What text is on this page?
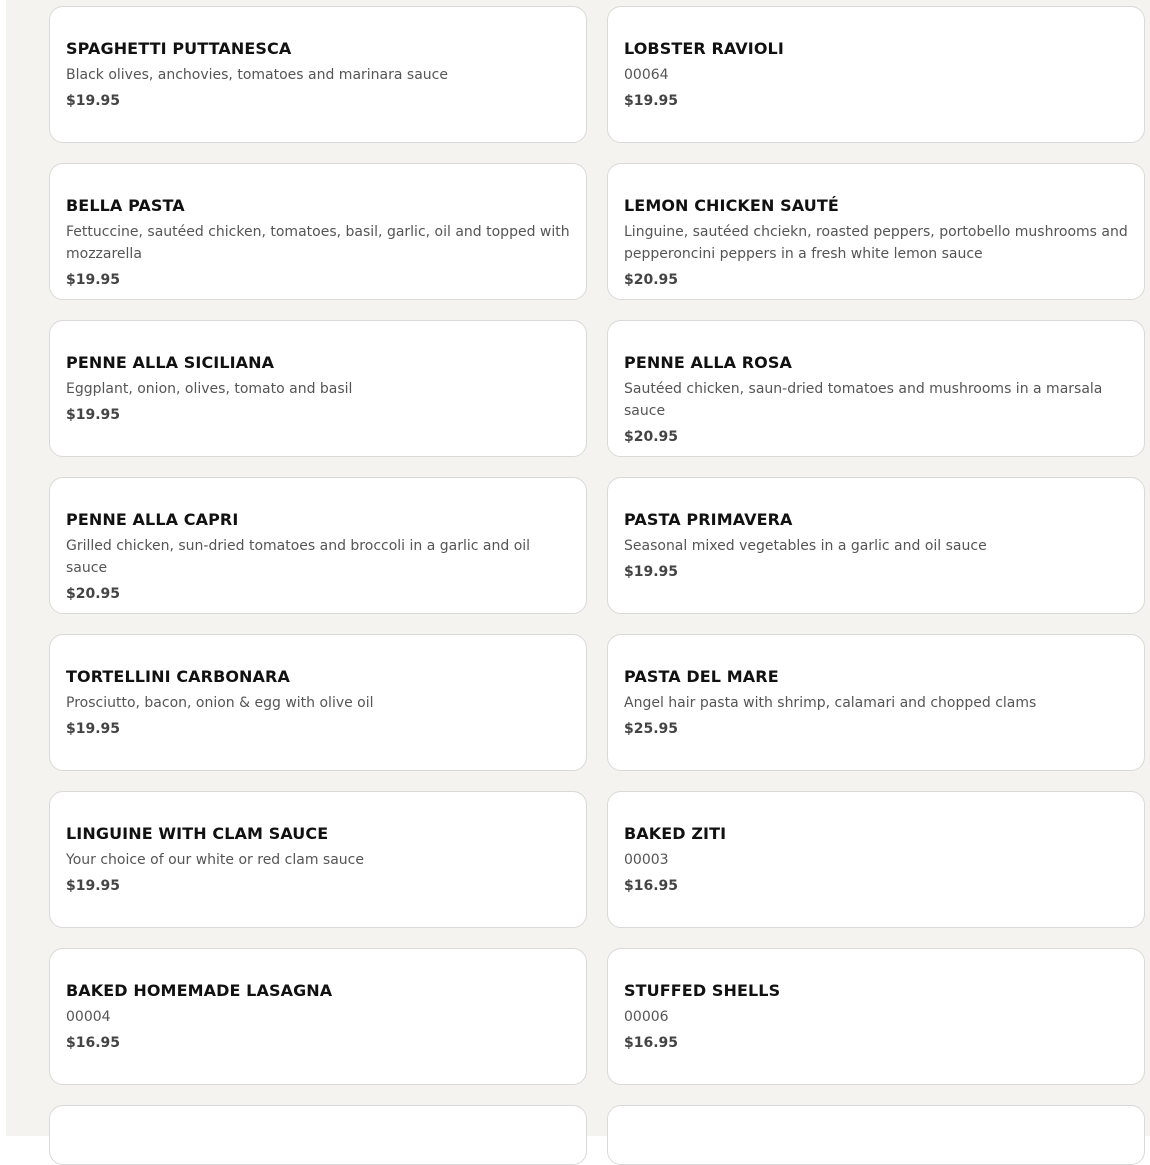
SPAGHETTI PUTTANESCA

Black olives, anchovies, tomatoes and marinara sauce

$19.95

LOBSTER RAVIOLI

00064

$19.95

BELLA PASTA

Fettuccine, sautéed chicken, tomatoes, basil, garlic, oil and topped with mozzarella

$19.95

LEMON CHICKEN SAUTÉ

Linguine, sautéed chciekn, roasted peppers, portobello mushrooms and pepperoncini peppers in a fresh white lemon sauce

$20.95

PENNE ALLA SICILIANA

Eggplant, onion, olives, tomato and basil

$19.95

PENNE ALLA ROSA

Sautéed chicken, saun-dried tomatoes and mushrooms in a marsala sauce

$20.95

PENNE ALLA CAPRI

Grilled chicken, sun-dried tomatoes and broccoli in a garlic and oil sauce

$20.95

PASTA PRIMAVERA

Seasonal mixed vegetables in a garlic and oil sauce

$19.95

TORTELLINI CARBONARA

Prosciutto, bacon, onion & egg with olive oil

$19.95

PASTA DEL MARE

Angel hair pasta with shrimp, calamari and chopped clams

$25.95

LINGUINE WITH CLAM SAUCE

Your choice of our white or red clam sauce

$19.95

BAKED ZITI

00003

$16.95

BAKED HOMEMADE LASAGNA

00004

$16.95

STUFFED SHELLS

00006

$16.95
